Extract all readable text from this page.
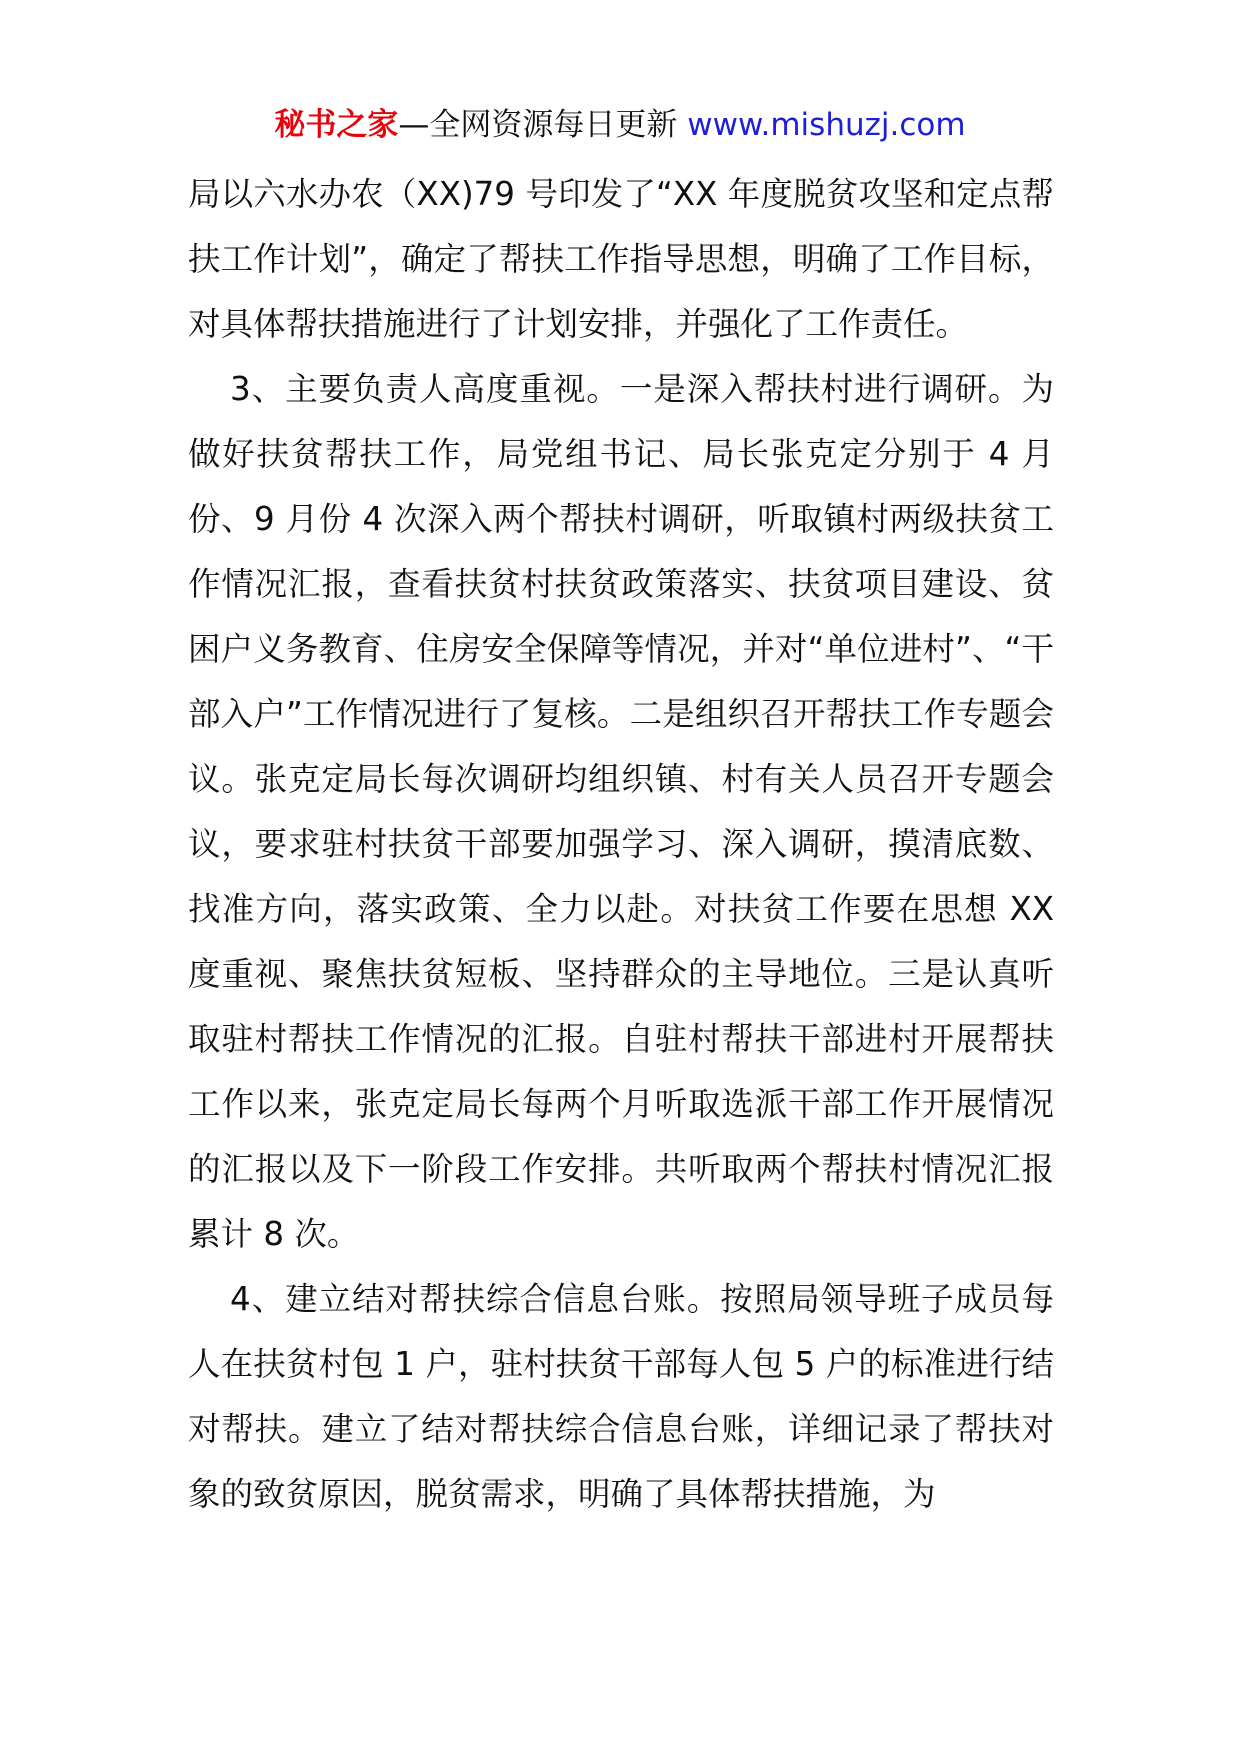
秘书之家—全网资源每日更新 www.mishuzj.com

局以六水办农（XX)79 号印发了“XX 年度脱贫攻坚和定点帮扶工作计划”，确定了帮扶工作指导思想，明确了工作目标，对具体帮扶措施进行了计划安排，并强化了工作责任。

3、主要负责人高度重视。一是深入帮扶村进行调研。为做好扶贫帮扶工作，局党组书记、局长张克定分别于 4 月份、9 月份 4 次深入两个帮扶村调研，听取镇村两级扶贫工作情况汇报，查看扶贫村扶贫政策落实、扶贫项目建设、贫困户义务教育、住房安全保障等情况，并对“单位进村”、“干部入户”工作情况进行了复核。二是组织召开帮扶工作专题会议。张克定局长每次调研均组织镇、村有关人员召开专题会议，要求驻村扶贫干部要加强学习、深入调研，摸清底数、找准方向，落实政策、全力以赴。对扶贫工作要在思想 XX 度重视、聚焦扶贫短板、坚持群众的主导地位。三是认真听取驻村帮扶工作情况的汇报。自驻村帮扶干部进村开展帮扶工作以来，张克定局长每两个月听取选派干部工作开展情况的汇报以及下一阶段工作安排。共听取两个帮扶村情况汇报累计 8 次。

4、建立结对帮扶综合信息台账。按照局领导班子成员每人在扶贫村包 1 户，驻村扶贫干部每人包 5 户的标准进行结对帮扶。建立了结对帮扶综合信息台账，详细记录了帮扶对象的致贫原因，脱贫需求，明确了具体帮扶措施，为
